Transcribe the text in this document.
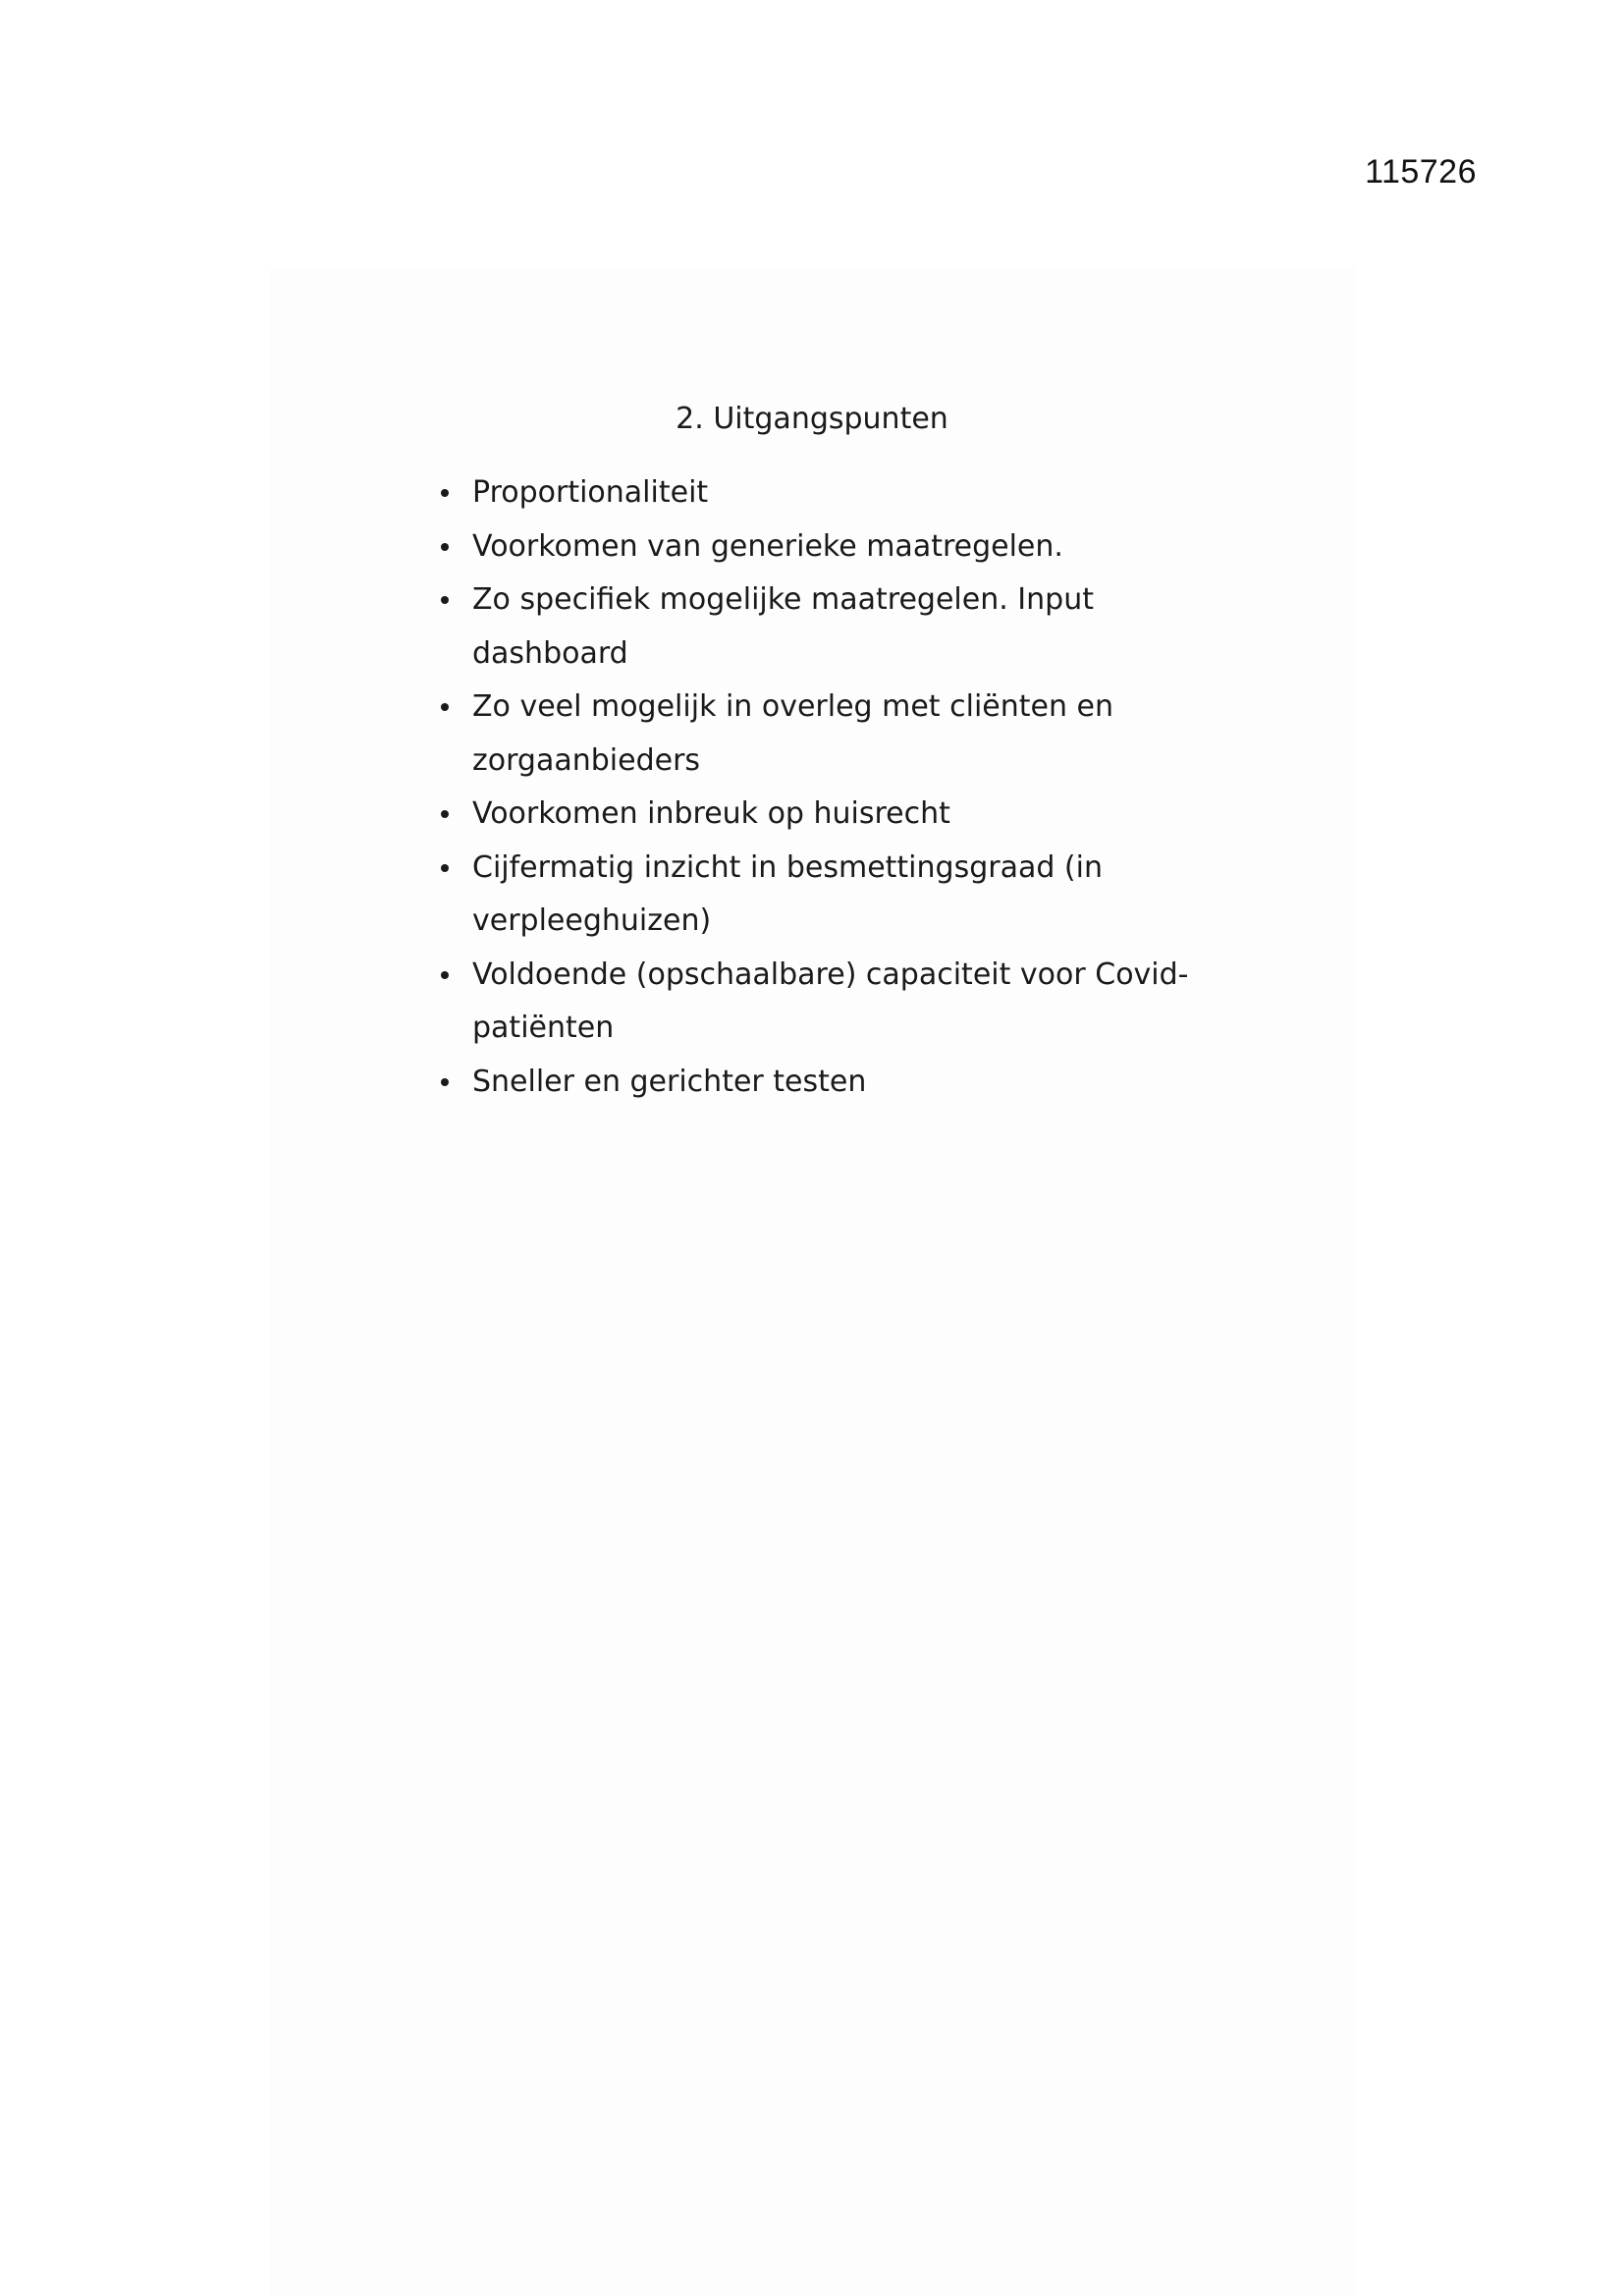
115726
2. Uitgangspunten
Proportionaliteit
Voorkomen van generieke maatregelen.
Zo specifiek mogelijke maatregelen. Input dashboard
Zo veel mogelijk in overleg met cliënten en zorgaanbieders
Voorkomen inbreuk op huisrecht
Cijfermatig inzicht in besmettingsgraad (in verpleeghuizen)
Voldoende (opschaalbare) capaciteit voor Covid-patiënten
Sneller en gerichter testen
